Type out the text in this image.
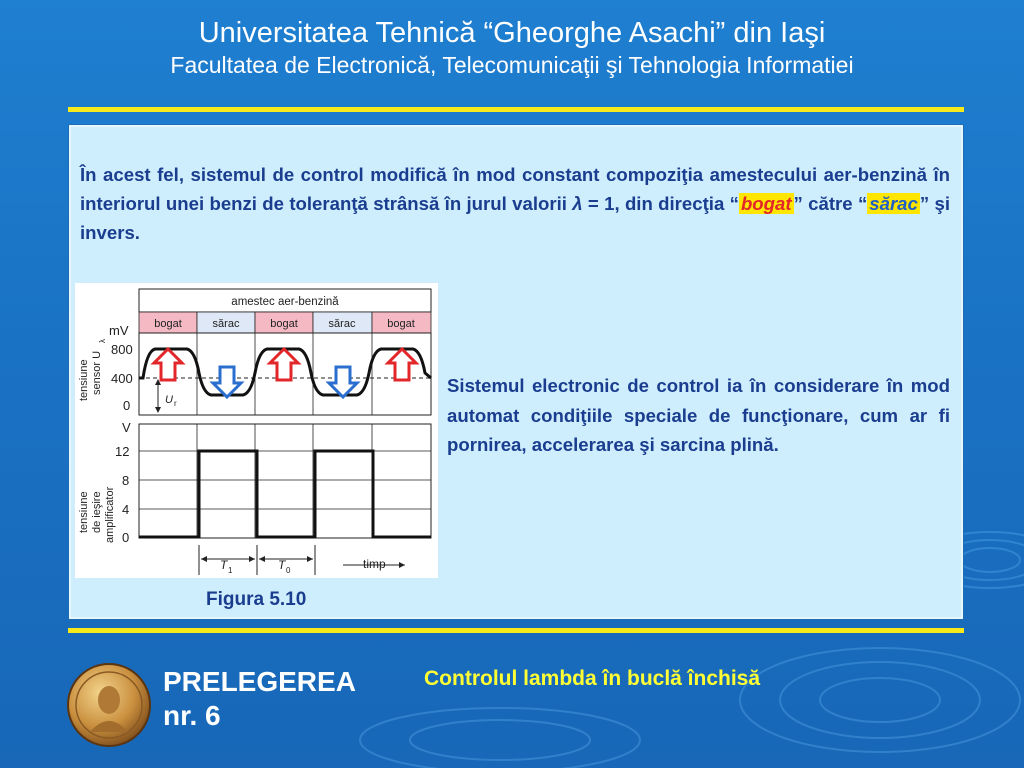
Universitatea Tehnică “Gheorghe Asachi” din Iaşi
Facultatea de Electronică, Telecomunicaţii şi Tehnologia Informatiei
În acest fel, sistemul de control modifică în mod constant compoziţia amestecului aer-benzină în interiorul unei benzi de toleranţă strânsă în jurul valorii λ = 1, din direcţia “ bogat ” către “ sărac ” şi invers.
Sistemul electronic de control ia în considerare în mod automat condiţiile speciale de funcţionare, cum ar fi pornirea, accelerarea şi sarcina plină.
amestec aer-benzină
bogat	sărac	bogat	sărac	bogat
mV
800
400
0	U r
tensiune sensor U
λ
V
12
8
4
0
tensiune de ieşire amplificator
T 1	T 0	timp
Figura 5.10
PRELEGEREA
nr. 6
Controlul lambda în buclă închisă
